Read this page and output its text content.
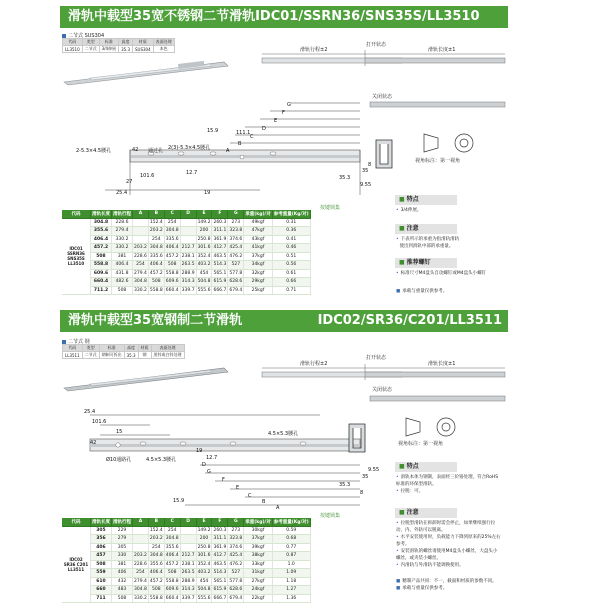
滑轨中载型35宽不锈钢二节滑轨IDC01/SSRN36/SNS35S/LL3510
二节式 SUS304
代码	类型	标准	高度	材质	表面处理
LL3510	二节式	3/4伸展	35.3	SUS304	本色
打开状态
滑轨行程±2	滑轨长度±1
关闭状态
2-5.3×4.5腰孔	42 通过孔 2(3)-5.3×4.5腰孔
G
F
E
D
C
B
A
15.9	111.1
35
35.3
8
9.55
101.6
27
25.4
12.7
19
视角标注：第一视角
按键锁集
代码	滑轨长度	滑轨行程	A	B	C	D	E	F	G	承重(kg)/对	参考重量(Kg/对)
IDC01 SSRN36 SNS35S LL3510	304.8	228.6		152.4	254		149.2	260.3	273	49kgf	0.31
	355.6	279.4		203.2	304.8		200	311.1	323.8	47kgf	0.36
	406.4	330.2		254	335.6		250.8	361.9	374.6	43kgf	0.41
	457.2	330.2	203.2	304.8	406.4	212.7	301.6	412.7	425.4	41kgf	0.46
	508	381	228.6	335.6	457.2	238.1	352.4	463.5	476.2	37kgf	0.51
	558.8	406.4	254	406.4	508	263.5	403.2	514.3	527	34kgf	0.56
	609.6	431.8	279.4	457.2	558.8	288.9	454	565.1	577.8	32kgf	0.61
	660.4	482.6	304.8	508	609.6	314.3	504.8	615.9	628.6	29kgf	0.66
	711.2	508	330.2	558.8	660.4	339.7	555.6	666.7	679.4	25kgf	0.71
■ 特点
• 3/4伸展。
■ 注意
• 下表所示的承重为指滑轨滑轨
使出到滑轨中部的承重量。
■ 推荐螺钉
• 标准尺寸M4盘头自攻螺钉或M4盘头小螺钉
■ 承载与重量仅供参考。
滑轨中载型35宽钢制二节滑轨	IDC02/SR36/C201/LL3511
二节式 钢
代码	类型	标准	高度	材质	表面处理
LL3511	二节式	钢制可拆出	35.3	钢	黑锌或白锌处理
打开状态
滑轨行程±2	滑轨长度±1
关闭状态
25.4
101.6
15
42
4.5×5.3腰孔
Ø10通路孔	4.5×5.3腰孔	12.7
D
G
F
E
C
B
A
15.9
19
35.3
35
8
9.55
视角标注：第一视角
按键锁集
代码	滑轨长度	滑轨行程	A	B	C	D	E	F	G	承重(kg)/对	参考重量(Kg/对)
IDC02 SR36 C201 LL3511	305	229		152.4	254		149.2	260.3	273	30kgf	0.59
	356	279		203.2	304.8		200	311.1	323.8	37kgf	0.68
	406	305		254	355.6		250.8	361.9	374.6	39kgf	0.77
	457	330	203.2	304.8	406.4	212.7	301.6	412.7	425.4	38kgf	0.87
	508	381	228.6	355.6	457.2	238.1	352.4	463.5	476.2	33kgf	1.0
	559	406	254	406.4	508	263.5	403.2	514.3	527	31kgf	1.09
	610	432	279.4	457.2	558.8	288.9	454	565.1	577.8	27kgf	1.18
	660	483	304.8	508	609.6	314.3	504.8	615.9	628.6	24kgf	1.27
	711	508	330.2	558.8	660.4	339.7	555.6	666.7	679.4	22kgf	1.36
■ 特点
• 滑轨本体为钢制，表面经三价铬处理，符合RoHS标准的环保型滑轨。
• 拉脱：可。
■ 注意
• 拉脱型滑轨在拆卸时需会停止，如果继续强行拉动，内、外轨可以脱离。
• 水平安装使用时，负载能力下降到原来的25%左右参考。
• 安装滑轨的螺丝请使用M4盘头小螺丝，大盘头小螺丝，或夹装小螺丝。
• 内滑轨与外滑轨不能调换使用。
■ 精制产品共同：不一，截面和材质的参数不同。
■ 承载与重量仅供参考。
